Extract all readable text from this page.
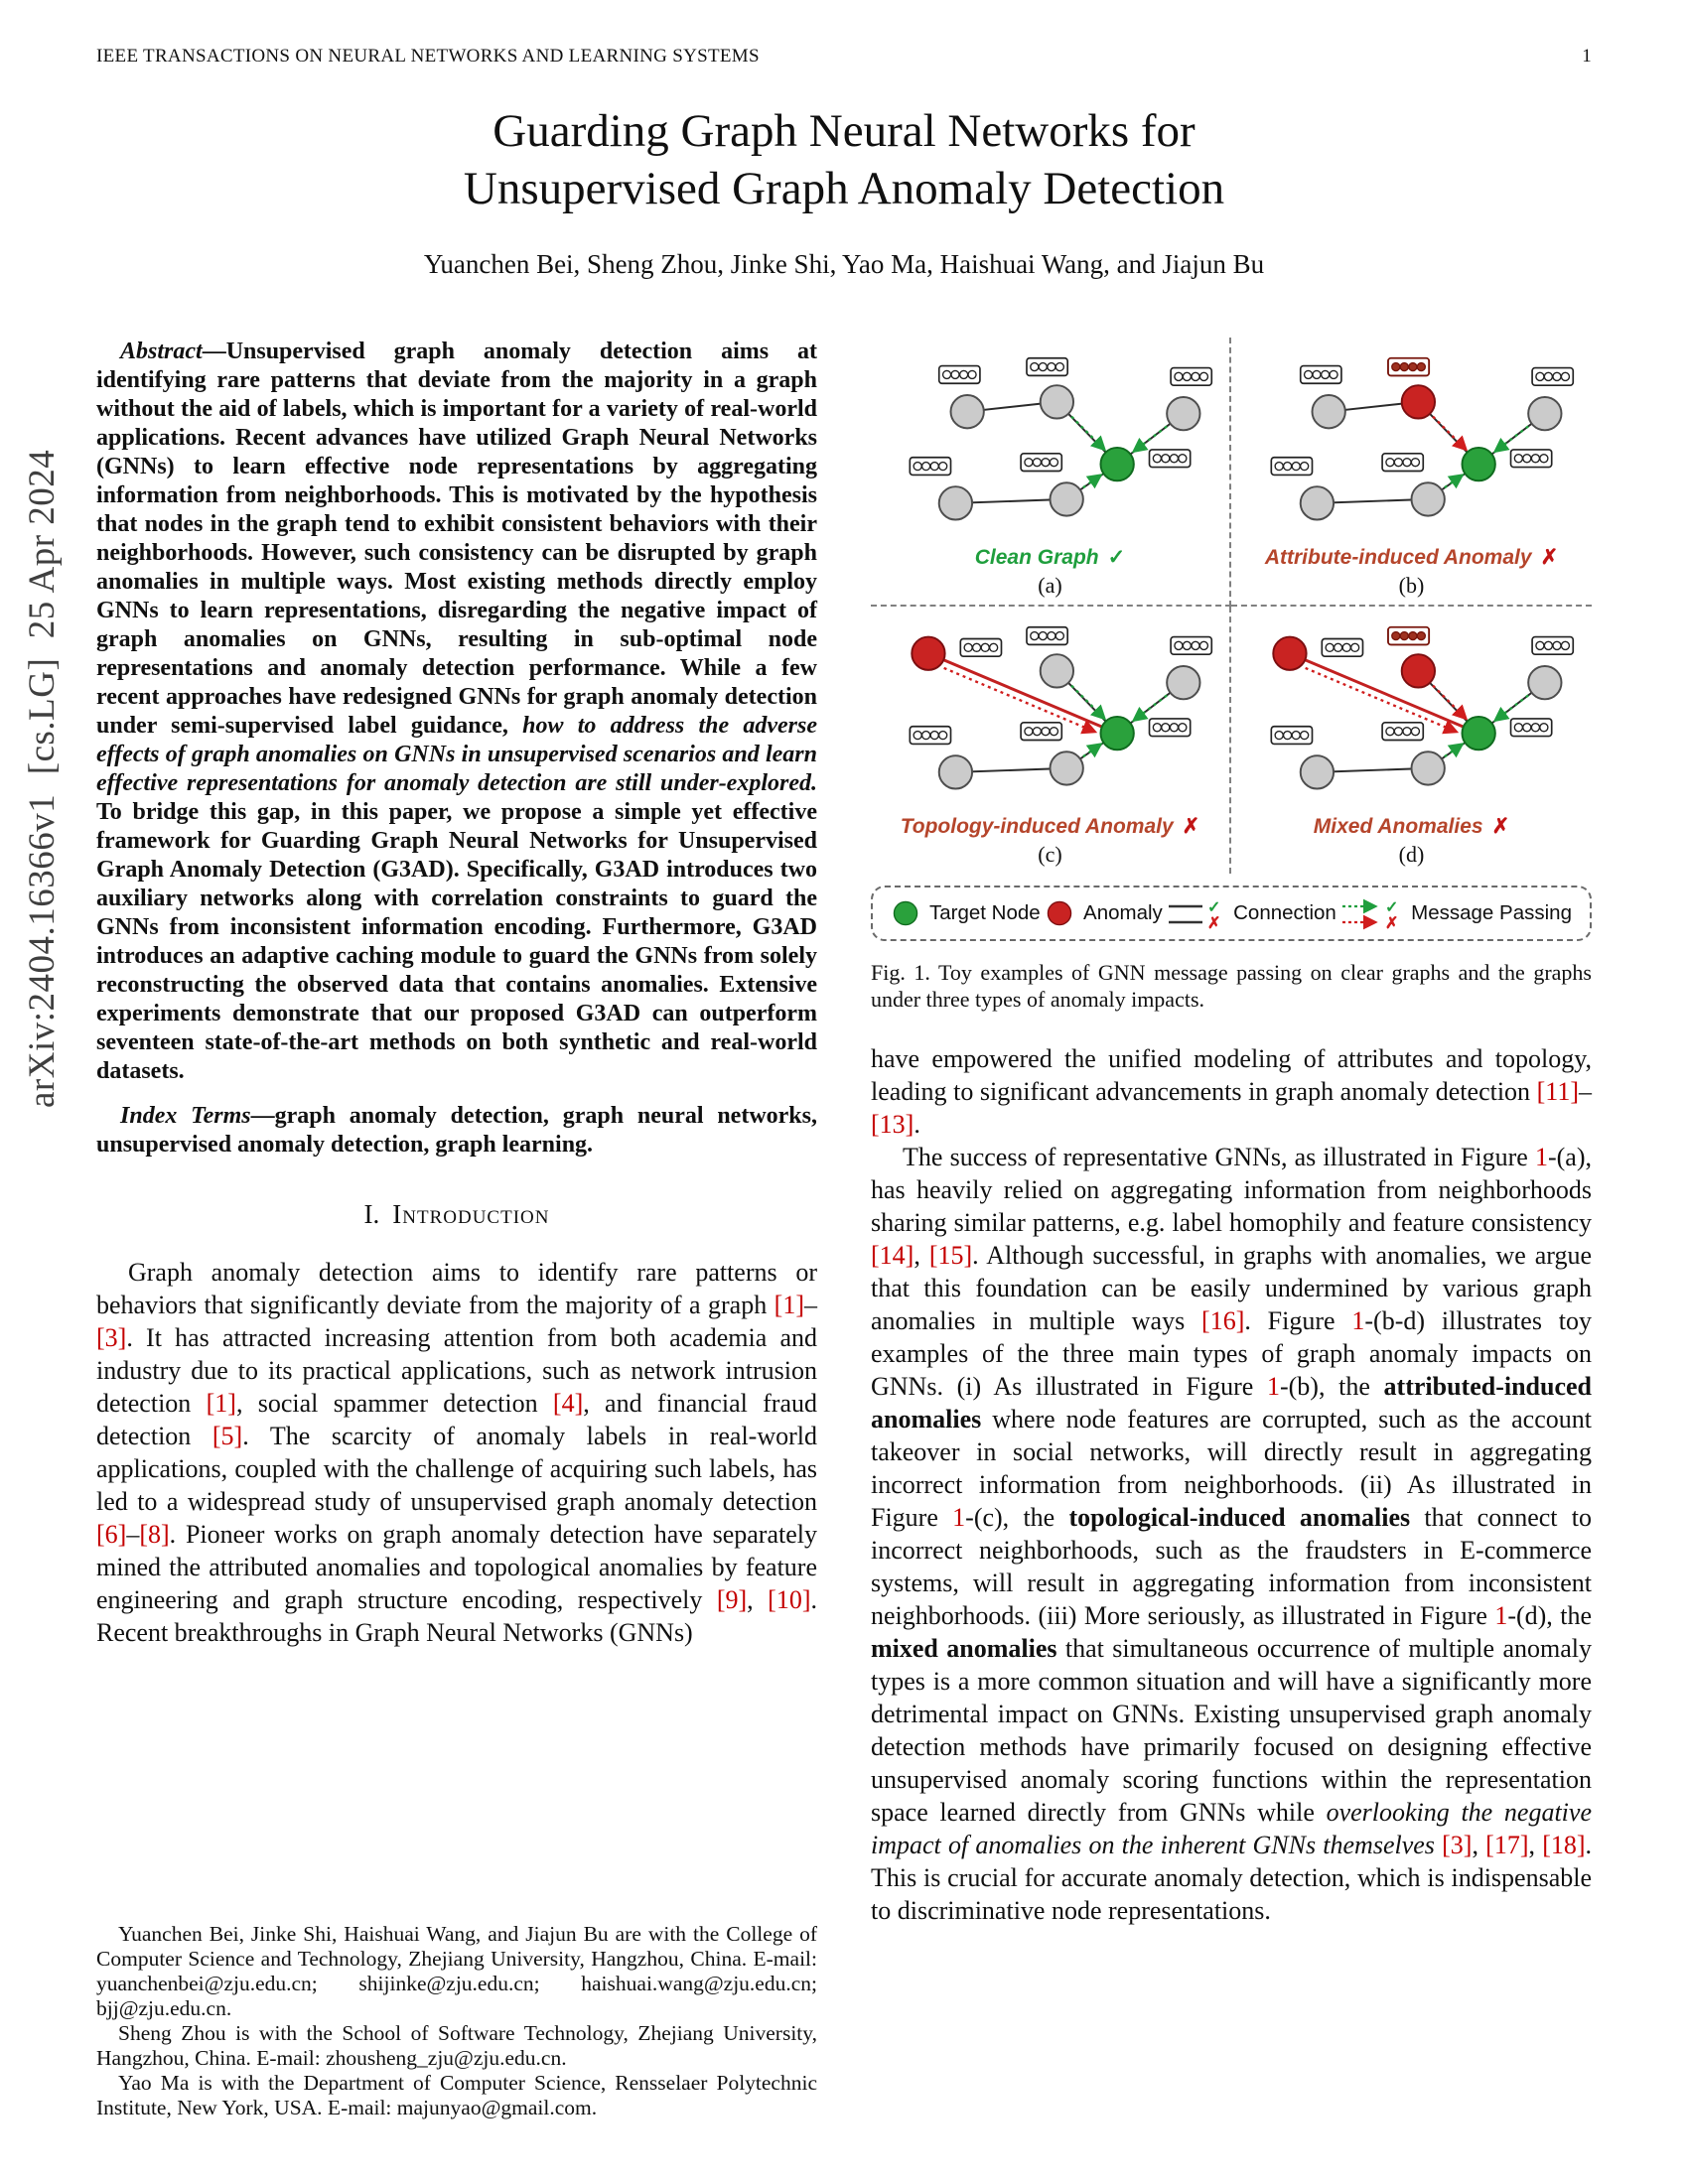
arXiv:2404.16366v1  [cs.LG]  25 Apr 2024
IEEE TRANSACTIONS ON NEURAL NETWORKS AND LEARNING SYSTEMS	1
Guarding Graph Neural Networks for
Unsupervised Graph Anomaly Detection
Yuanchen Bei, Sheng Zhou, Jinke Shi, Yao Ma, Haishuai Wang, and Jiajun Bu

Abstract—Unsupervised graph anomaly detection aims at identifying rare patterns that deviate from the majority in a graph without the aid of labels, which is important for a variety of real-world applications. Recent advances have utilized Graph Neural Networks (GNNs) to learn effective node representations by aggregating information from neighborhoods. This is motivated by the hypothesis that nodes in the graph tend to exhibit consistent behaviors with their neighborhoods. However, such consistency can be disrupted by graph anomalies in multiple ways. Most existing methods directly employ GNNs to learn representations, disregarding the negative impact of graph anomalies on GNNs, resulting in sub-optimal node representations and anomaly detection performance. While a few recent approaches have redesigned GNNs for graph anomaly detection under semi-supervised label guidance, how to address the adverse effects of graph anomalies on GNNs in unsupervised scenarios and learn effective representations for anomaly detection are still under-explored. To bridge this gap, in this paper, we propose a simple yet effective framework for Guarding Graph Neural Networks for Unsupervised Graph Anomaly Detection (G3AD). Specifically, G3AD introduces two auxiliary networks along with correlation constraints to guard the GNNs from inconsistent information encoding. Furthermore, G3AD introduces an adaptive caching module to guard the GNNs from solely reconstructing the observed data that contains anomalies. Extensive experiments demonstrate that our proposed G3AD can outperform seventeen state-of-the-art methods on both synthetic and real-world datasets.

Index Terms—graph anomaly detection, graph neural networks, unsupervised anomaly detection, graph learning.

I. Introduction

Graph anomaly detection aims to identify rare patterns or behaviors that significantly deviate from the majority of a graph [1]–[3]. It has attracted increasing attention from both academia and industry due to its practical applications, such as network intrusion detection [1], social spammer detection [4], and financial fraud detection [5]. The scarcity of anomaly labels in real-world applications, coupled with the challenge of acquiring such labels, has led to a widespread study of unsupervised graph anomaly detection [6]–[8]. Pioneer works on graph anomaly detection have separately mined the attributed anomalies and topological anomalies by feature engineering and graph structure encoding, respectively [9], [10]. Recent breakthroughs in Graph Neural Networks (GNNs)

Yuanchen Bei, Jinke Shi, Haishuai Wang, and Jiajun Bu are with the College of Computer Science and Technology, Zhejiang University, Hangzhou, China. E-mail: yuanchenbei@zju.edu.cn; shijinke@zju.edu.cn; haishuai.wang@zju.edu.cn; bjj@zju.edu.cn.

Sheng Zhou is with the School of Software Technology, Zhejiang University, Hangzhou, China. E-mail: zhousheng_zju@zju.edu.cn.

Yao Ma is with the Department of Computer Science, Rensselaer Polytechnic Institute, New York, USA. E-mail: majunyao@gmail.com.

Clean Graph ✓
(a)
Attribute-induced Anomaly ✗
(b)
Topology-induced Anomaly ✗
(c)
Mixed Anomalies ✗
(d)
Target Node Anomaly	✓
✗ Connection	✓
✗ Message Passing
Fig. 1. Toy examples of GNN message passing on clear graphs and the graphs under three types of anomaly impacts.

have empowered the unified modeling of attributes and topology, leading to significant advancements in graph anomaly detection [11]–[13].

The success of representative GNNs, as illustrated in Figure 1-(a), has heavily relied on aggregating information from neighborhoods sharing similar patterns, e.g. label homophily and feature consistency [14], [15]. Although successful, in graphs with anomalies, we argue that this foundation can be easily undermined by various graph anomalies in multiple ways [16]. Figure 1-(b-d) illustrates toy examples of the three main types of graph anomaly impacts on GNNs. (i) As illustrated in Figure 1-(b), the attributed-induced anomalies where node features are corrupted, such as the account takeover in social networks, will directly result in aggregating incorrect information from neighborhoods. (ii) As illustrated in Figure 1-(c), the topological-induced anomalies that connect to incorrect neighborhoods, such as the fraudsters in E-commerce systems, will result in aggregating information from inconsistent neighborhoods. (iii) More seriously, as illustrated in Figure 1-(d), the mixed anomalies that simultaneous occurrence of multiple anomaly types is a more common situation and will have a significantly more detrimental impact on GNNs. Existing unsupervised graph anomaly detection methods have primarily focused on designing effective unsupervised anomaly scoring functions within the representation space learned directly from GNNs while overlooking the negative impact of anomalies on the inherent GNNs themselves [3], [17], [18]. This is crucial for accurate anomaly detection, which is indispensable to discriminative node representations.
